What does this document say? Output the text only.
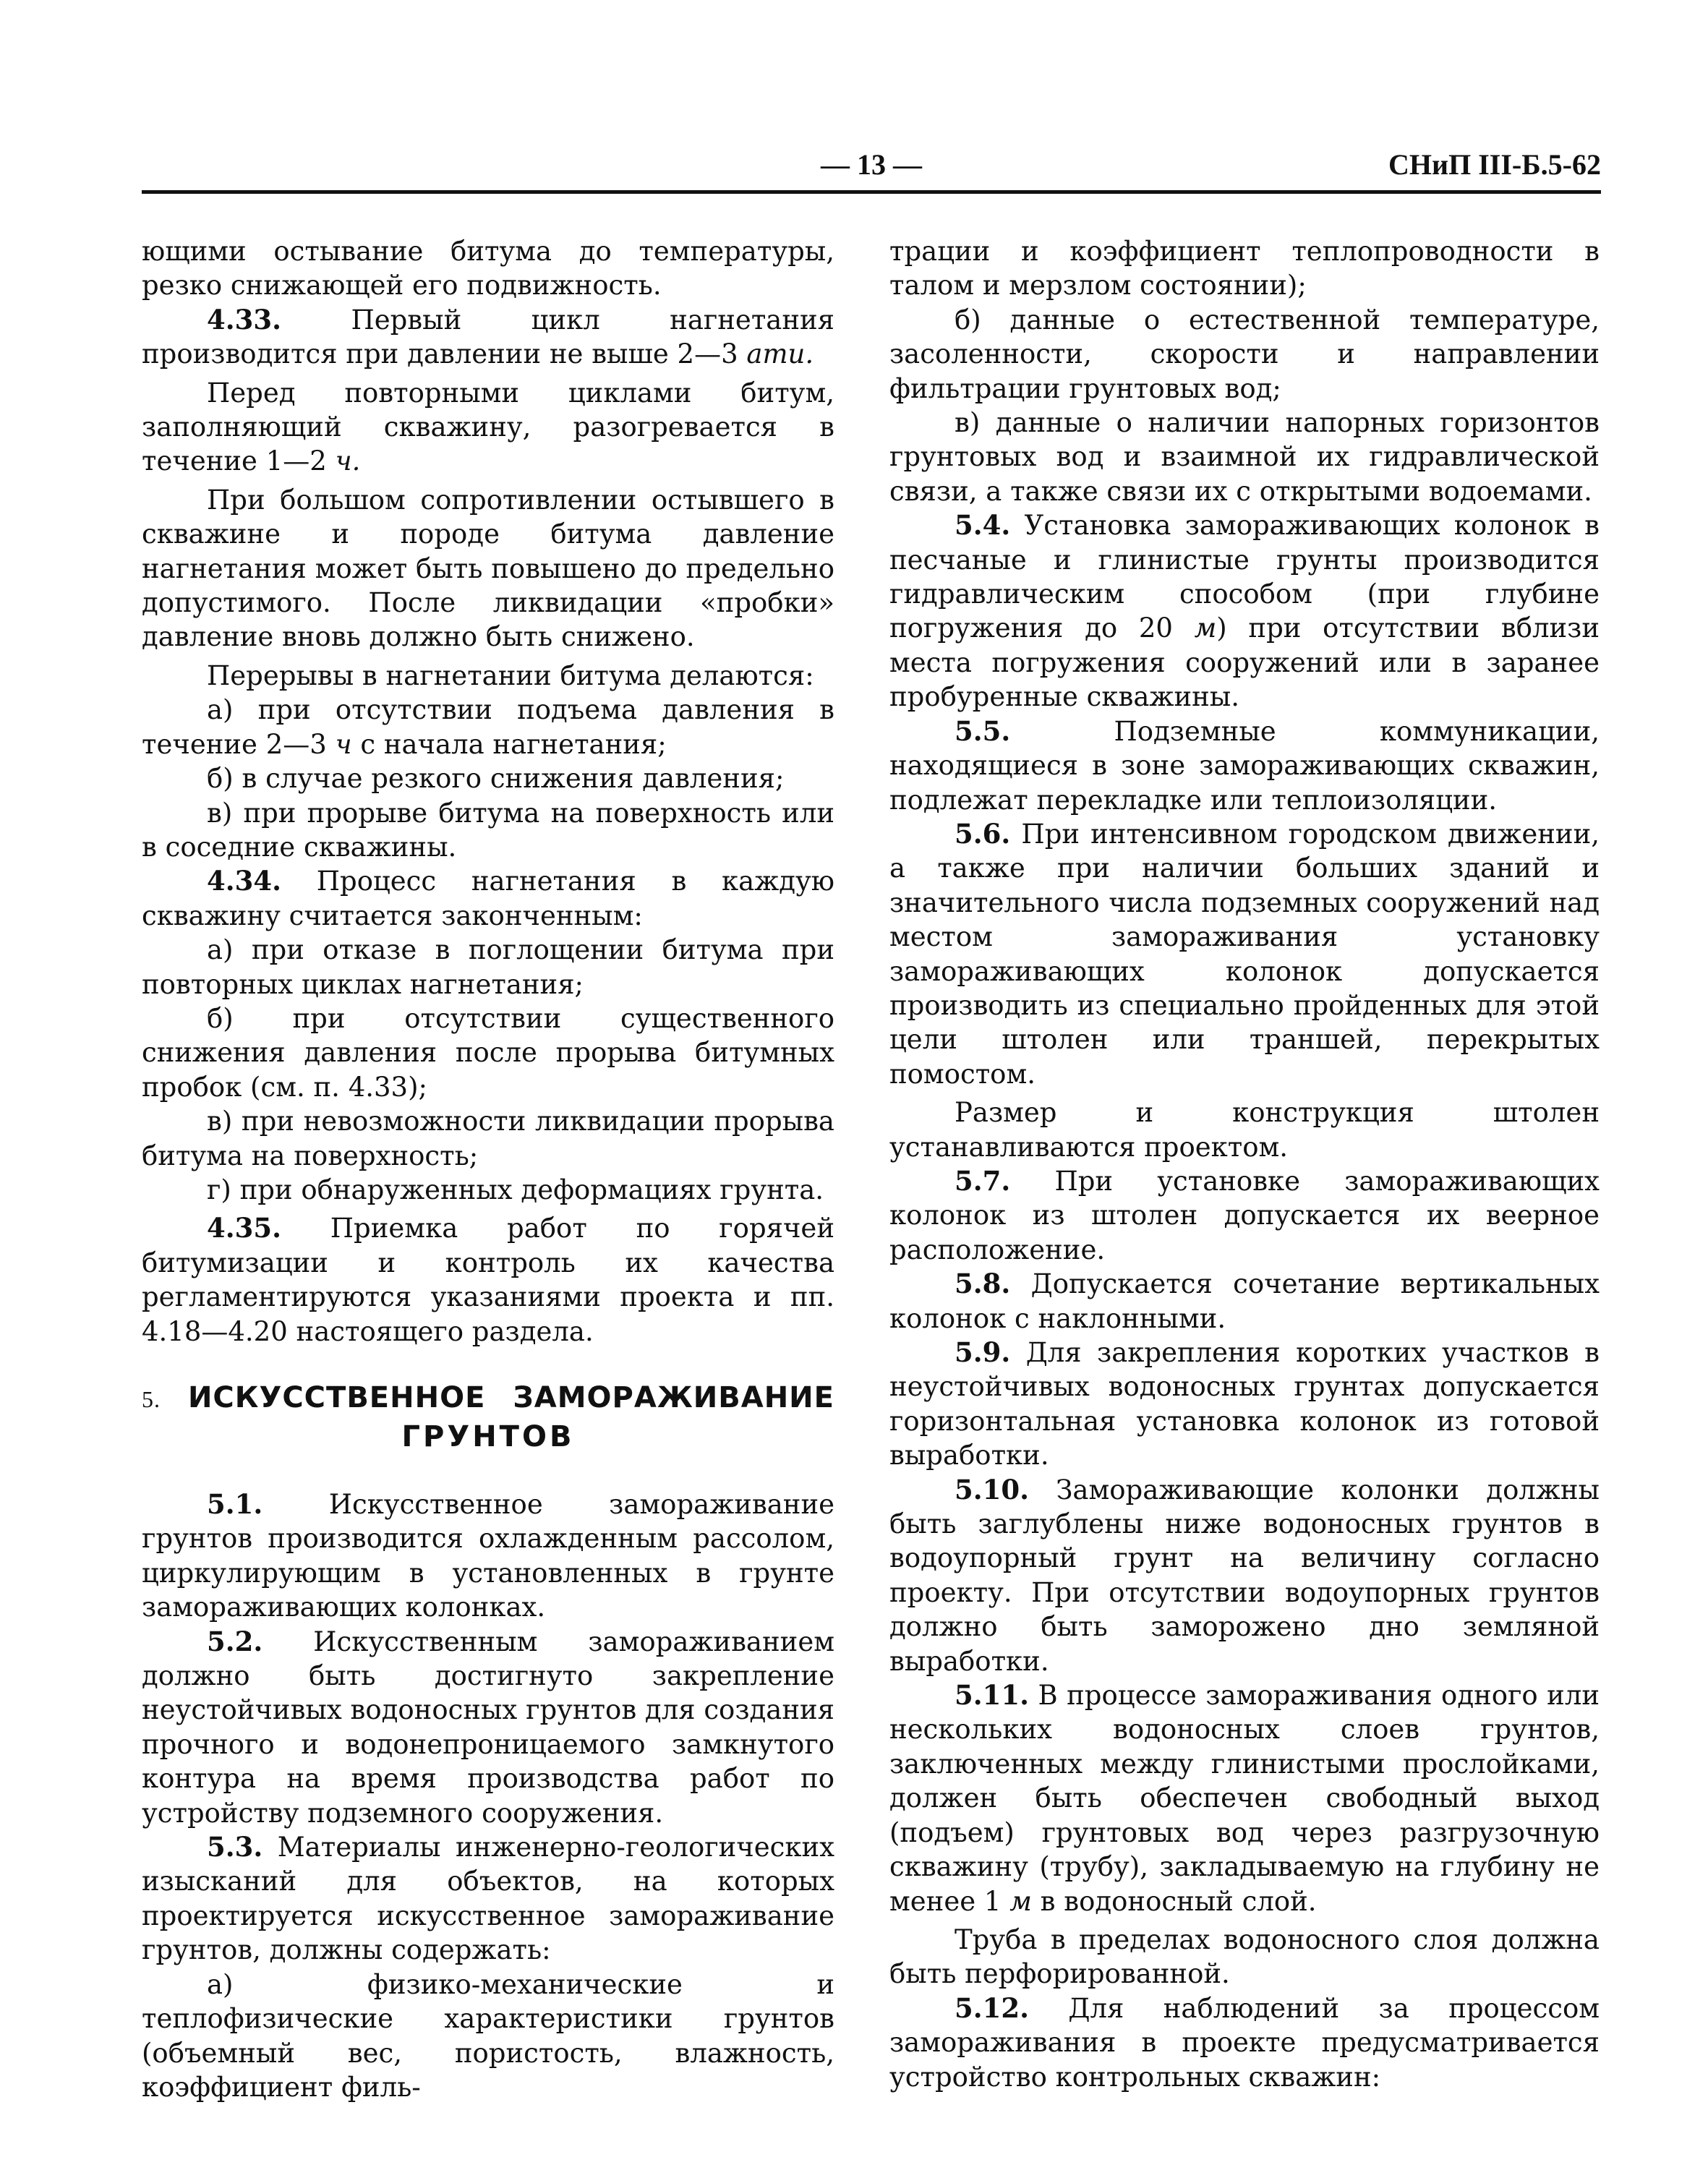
— 13 —	СНиП III-Б.5-62

ющими остывание битума до температуры, резко снижающей его подвижность.

4.33.	Первый цикл нагнетания производится при давлении не выше 2—3 ати.

Перед повторными циклами битум, заполняющий скважину, разогревается в течение 1—2 ч.

При большом сопротивлении остывшего в скважине и породе битума давление нагнетания может быть повышено до предельно допустимого. После ликвидации «пробки» давление вновь должно быть снижено.

Перерывы в нагнетании битума делаются:

а) при отсутствии подъема давления в течение 2—3 ч с начала нагнетания;

б) в случае резкого снижения давления;

в) при прорыве битума на поверхность или в соседние скважины.

4.34. Процесс нагнетания в каждую скважину считается законченным:

а) при отказе в поглощении битума при повторных циклах нагнетания;

б) при отсутствии существенного снижения давления после прорыва битумных пробок (см. п. 4.33);

в) при невозможности ликвидации прорыва битума на поверхность;

г) при обнаруженных деформациях грунта.

4.35. Приемка работ по горячей битумизации и контроль их качества регламентируются указаниями проекта и пп. 4.18—4.20 настоящего раздела.

5. ИСКУССТВЕННОЕ ЗАМОРАЖИВАНИЕ
ГРУНТОВ

5.1. Искусственное замораживание грунтов производится охлажденным рассолом, циркулирующим в установленных в грунте замораживающих колонках.

5.2. Искусственным замораживанием должно быть достигнуто закрепление неустойчивых водоносных грунтов для создания прочного и водонепроницаемого замкнутого контура на время производства работ по устройству подземного сооружения.

5.3. Материалы инженерно-геологических изысканий для объектов, на которых проектируется искусственное замораживание грунтов, должны содержать:

а) физико-механические и теплофизические характеристики грунтов (объемный вес, пористость, влажность, коэффициент филь-

трации и коэффициент теплопроводности в талом и мерзлом состоянии);

б) данные о естественной температуре, засоленности, скорости и направлении фильтрации грунтовых вод;

в) данные о наличии напорных горизонтов грунтовых вод и взаимной их гидравлической связи, а также связи их с открытыми водоемами.

5.4. Установка замораживающих колонок в песчаные и глинистые грунты производится гидравлическим способом (при глубине погружения до 20 м) при отсутствии вблизи места погружения сооружений или в заранее пробуренные скважины.

5.5.	Подземные коммуникации, находящиеся в зоне замораживающих скважин, подлежат перекладке или теплоизоляции.

5.6. При интенсивном городском движении, а также при наличии больших зданий и значительного числа подземных сооружений над местом замораживания установку замораживающих колонок допускается производить из специально пройденных для этой цели штолен или траншей, перекрытых помостом.

Размер и конструкция штолен устанавливаются проектом.

5.7. При установке замораживающих колонок из штолен допускается их веерное расположение.

5.8. Допускается сочетание вертикальных колонок с наклонными.

5.9. Для закрепления коротких участков в неустойчивых водоносных грунтах допускается горизонтальная установка колонок из готовой выработки.

5.10. Замораживающие колонки должны быть заглублены ниже водоносных грунтов в водоупорный грунт на величину согласно проекту. При отсутствии водоупорных грунтов должно быть заморожено дно земляной выработки.

5.11. В процессе замораживания одного или нескольких водоносных слоев грунтов, заключенных между глинистыми прослойками, должен быть обеспечен свободный выход (подъем) грунтовых вод через разгрузочную скважину (трубу), закладываемую на глубину не менее 1 м в водоносный слой.

Труба в пределах водоносного слоя должна быть перфорированной.

5.12. Для наблюдений за процессом замораживания в проекте предусматривается устройство контрольных скважин:
